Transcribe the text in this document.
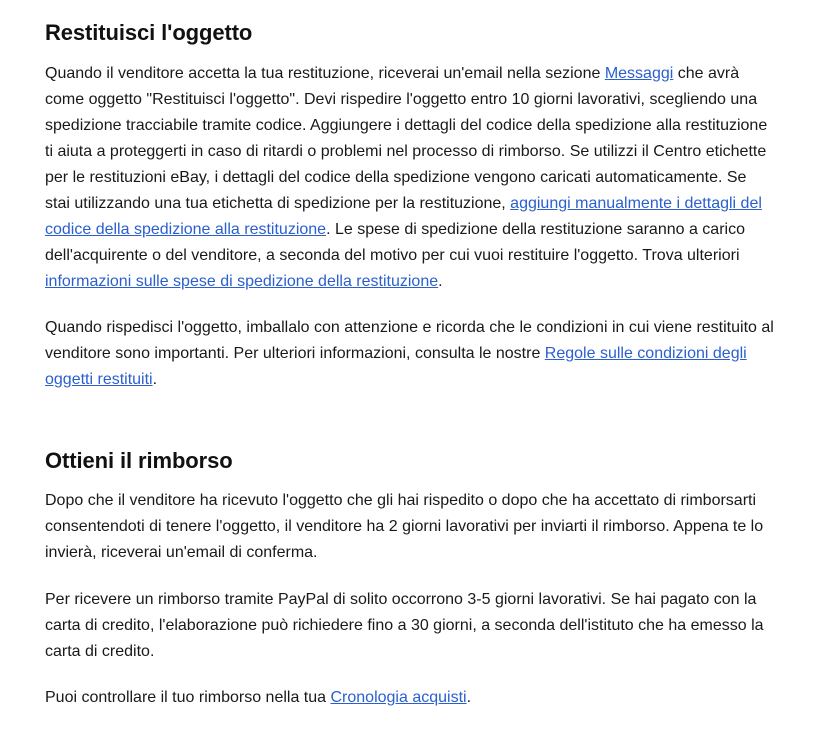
Restituisci l'oggetto

Quando il venditore accetta la tua restituzione, riceverai un'email nella sezione Messaggi che avrà come oggetto "Restituisci l'oggetto". Devi rispedire l'oggetto entro 10 giorni lavorativi, scegliendo una spedizione tracciabile tramite codice. Aggiungere i dettagli del codice della spedizione alla restituzione ti aiuta a proteggerti in caso di ritardi o problemi nel processo di rimborso. Se utilizzi il Centro etichette per le restituzioni eBay, i dettagli del codice della spedizione vengono caricati automaticamente. Se stai utilizzando una tua etichetta di spedizione per la restituzione, aggiungi manualmente i dettagli del codice della spedizione alla restituzione. Le spese di spedizione della restituzione saranno a carico dell'acquirente o del venditore, a seconda del motivo per cui vuoi restituire l'oggetto. Trova ulteriori informazioni sulle spese di spedizione della restituzione.

Quando rispedisci l'oggetto, imballalo con attenzione e ricorda che le condizioni in cui viene restituito al venditore sono importanti. Per ulteriori informazioni, consulta le nostre Regole sulle condizioni degli oggetti restituiti.

Ottieni il rimborso

Dopo che il venditore ha ricevuto l'oggetto che gli hai rispedito o dopo che ha accettato di rimborsarti consentendoti di tenere l'oggetto, il venditore ha 2 giorni lavorativi per inviarti il rimborso. Appena te lo invierà, riceverai un'email di conferma.

Per ricevere un rimborso tramite PayPal di solito occorrono 3-5 giorni lavorativi. Se hai pagato con la carta di credito, l'elaborazione può richiedere fino a 30 giorni, a seconda dell'istituto che ha emesso la carta di credito.

Puoi controllare il tuo rimborso nella tua Cronologia acquisti.
